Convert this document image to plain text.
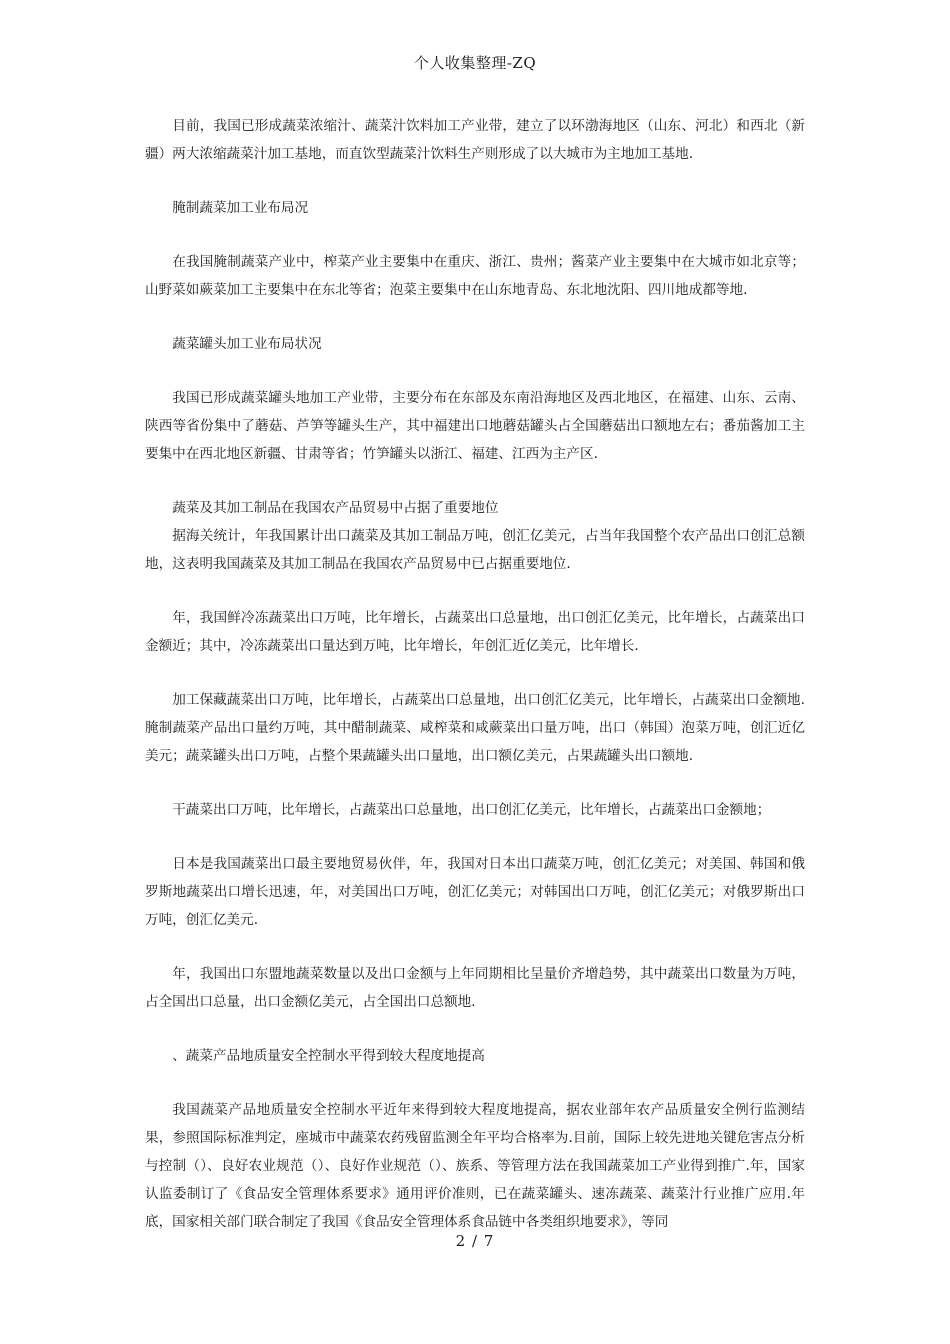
个人收集整理-ZQ

目前，我国已形成蔬菜浓缩汁、蔬菜汁饮料加工产业带，建立了以环渤海地区（山东、河北）和西北（新疆）两大浓缩蔬菜汁加工基地，而直饮型蔬菜汁饮料生产则形成了以大城市为主地加工基地.

腌制蔬菜加工业布局况

在我国腌制蔬菜产业中，榨菜产业主要集中在重庆、浙江、贵州；酱菜产业主要集中在大城市如北京等；山野菜如蕨菜加工主要集中在东北等省；泡菜主要集中在山东地青岛、东北地沈阳、四川地成都等地.

蔬菜罐头加工业布局状况

我国已形成蔬菜罐头地加工产业带，主要分布在东部及东南沿海地区及西北地区，在福建、山东、云南、陕西等省份集中了蘑菇、芦笋等罐头生产，其中福建出口地蘑菇罐头占全国蘑菇出口额地左右；番茄酱加工主要集中在西北地区新疆、甘肃等省；竹笋罐头以浙江、福建、江西为主产区.

蔬菜及其加工制品在我国农产品贸易中占据了重要地位

据海关统计，年我国累计出口蔬菜及其加工制品万吨，创汇亿美元，占当年我国整个农产品出口创汇总额地，这表明我国蔬菜及其加工制品在我国农产品贸易中已占据重要地位.

年，我国鲜冷冻蔬菜出口万吨，比年增长，占蔬菜出口总量地，出口创汇亿美元，比年增长，占蔬菜出口金额近；其中，冷冻蔬菜出口量达到万吨，比年增长，年创汇近亿美元，比年增长.

加工保藏蔬菜出口万吨，比年增长，占蔬菜出口总量地，出口创汇亿美元，比年增长，占蔬菜出口金额地.腌制蔬菜产品出口量约万吨，其中醋制蔬菜、咸榨菜和咸蕨菜出口量万吨，出口（韩国）泡菜万吨，创汇近亿美元；蔬菜罐头出口万吨，占整个果蔬罐头出口量地，出口额亿美元，占果蔬罐头出口额地.

干蔬菜出口万吨，比年增长，占蔬菜出口总量地，出口创汇亿美元，比年增长，占蔬菜出口金额地；

日本是我国蔬菜出口最主要地贸易伙伴，年，我国对日本出口蔬菜万吨，创汇亿美元；对美国、韩国和俄罗斯地蔬菜出口增长迅速，年，对美国出口万吨，创汇亿美元；对韩国出口万吨，创汇亿美元；对俄罗斯出口万吨，创汇亿美元.

年，我国出口东盟地蔬菜数量以及出口金额与上年同期相比呈量价齐增趋势，其中蔬菜出口数量为万吨，占全国出口总量，出口金额亿美元，占全国出口总额地.

、蔬菜产品地质量安全控制水平得到较大程度地提高

我国蔬菜产品地质量安全控制水平近年来得到较大程度地提高，据农业部年农产品质量安全例行监测结果，参照国际标准判定，座城市中蔬菜农药残留监测全年平均合格率为.目前，国际上较先进地关键危害点分析与控制（）、良好农业规范（）、良好作业规范（）、族系、等管理方法在我国蔬菜加工产业得到推广.年，国家认监委制订了《食品安全管理体系要求》通用评价准则，已在蔬菜罐头、速冻蔬菜、蔬菜汁行业推广应用.年底，国家相关部门联合制定了我国《食品安全管理体系食品链中各类组织地要求》，等同

2 / 7
